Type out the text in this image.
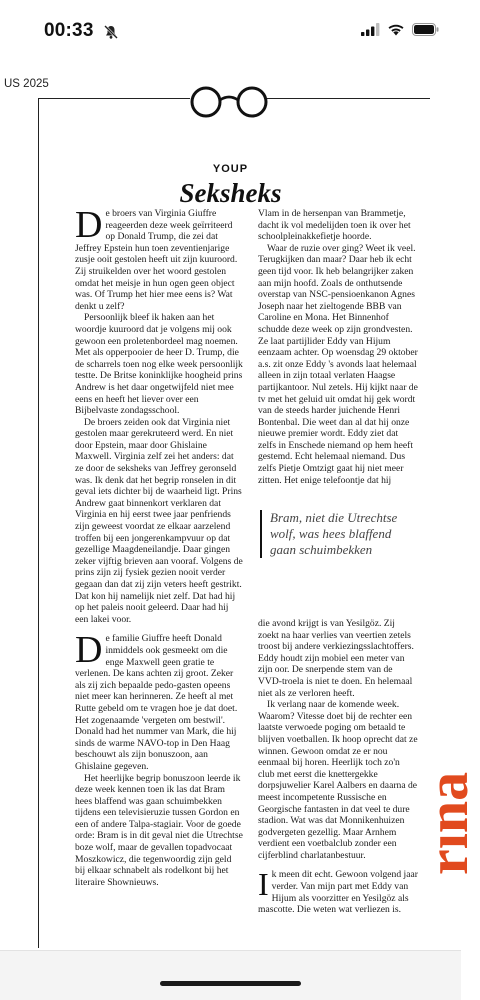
00:33
US 2025
YOUP
Seksheks

De broers van Virginia Giuffre reageerden deze week geïrriteerd op Donald Trump, die zei dat Jeffrey Epstein hun toen zeventienjarige zusje ooit gestolen heeft uit zijn kuuroord. Zij struikelden over het woord gestolen omdat het meisje in hun ogen geen object was. Of Trump het hier mee eens is? Wat denkt u zelf?

Persoonlijk bleef ik haken aan het woordje kuuroord dat je volgens mij ook gewoon een proletenbordeel mag noemen. Met als opperpooier de heer D. Trump, die de scharrels toen nog elke week persoonlijk testte. De Britse koninklijke hoogheid prins Andrew is het daar ongetwijfeld niet mee eens en heeft het liever over een Bijbelvaste zondagsschool.

De broers zeiden ook dat Virginia niet gestolen maar gerekruteerd werd. En niet door Epstein, maar door Ghislaine Maxwell. Virginia zelf zei het anders: dat ze door de seksheks van Jeffrey geronseld was. Ik denk dat het begrip ronselen in dit geval iets dichter bij de waarheid ligt. Prins Andrew gaat binnenkort verklaren dat Virginia en hij eerst twee jaar penfriends zijn geweest voordat ze elkaar aarzelend troffen bij een jongerenkampvuur op dat gezellige Maagdeneilandje. Daar gingen zeker vijftig brieven aan vooraf. Volgens de prins zijn zij fysiek gezien nooit verder gegaan dan dat zij zijn veters heeft gestrikt. Dat kon hij namelijk niet zelf. Dat had hij op het paleis nooit geleerd. Daar had hij een lakei voor.

De familie Giuffre heeft Donald inmiddels ook gesmeekt om die enge Maxwell geen gratie te verlenen. De kans achten zij groot. Zeker als zij zich bepaalde pedo-gasten opeens niet meer kan herinneren. Ze heeft al met Rutte gebeld om te vragen hoe je dat doet. Het zogenaamde 'vergeten om bestwil'. Donald had het nummer van Mark, die hij sinds de warme NAVO-top in Den Haag beschouwt als zijn bonuszoon, aan Ghislaine gegeven.

Het heerlijke begrip bonuszoon leerde ik deze week kennen toen ik las dat Bram hees blaffend was gaan schuimbekken tijdens een televisieruzie tussen Gordon en een of andere Talpa-stagiair. Voor de goede orde: Bram is in dit geval niet die Utrechtse boze wolf, maar de gevallen topadvocaat Moszkowicz, die tegenwoordig zijn geld bij elkaar schnabelt als rodelkont bij het literaire Shownieuws.

Vlam in de hersenpan van Brammetje, dacht ik vol medelijden toen ik over het schoolpleinakkefietje hoorde.

Waar de ruzie over ging? Weet ik veel. Terugkijken dan maar? Daar heb ik echt geen tijd voor. Ik heb belangrijker zaken aan mijn hoofd. Zoals de onthutsende overstap van NSC-pensioenkanon Agnes Joseph naar het zieltogende BBB van Caroline en Mona. Het Binnenhof schudde deze week op zijn grondvesten. Ze laat partijlider Eddy van Hijum eenzaam achter. Op woensdag 29 oktober a.s. zit onze Eddy 's avonds laat helemaal alleen in zijn totaal verlaten Haagse partijkantoor. Nul zetels. Hij kijkt naar de tv met het geluid uit omdat hij gek wordt van de steeds harder juichende Henri Bontenbal. Die weet dan al dat hij onze nieuwe premier wordt. Eddy ziet dat zelfs in Enschede niemand op hem heeft gestemd. Echt helemaal niemand. Dus zelfs Pietje Omtzigt gaat hij niet meer zitten. Het enige telefoontje dat hij

Bram, niet die Utrechtse wolf, was hees blaffend gaan schuimbekken

die avond krijgt is van Yesilgöz. Zij zoekt na haar verlies van veertien zetels troost bij andere verkiezingsslachtoffers. Eddy houdt zijn mobiel een meter van zijn oor. De snerpende stem van de VVD-troela is niet te doen. En helemaal niet als ze verloren heeft.

Ik verlang naar de komende week. Waarom? Vitesse doet bij de rechter een laatste verwoede poging om betaald te blijven voetballen. Ik hoop oprecht dat ze winnen. Gewoon omdat ze er nou eenmaal bij horen. Heerlijk toch zo'n club met eerst die knettergekke dorpsjuwelier Karel Aalbers en daarna de meest incompetente Russische en Georgische fantasten in dat veel te dure stadion. Wat was dat Monnikenhuizen godvergeten gezellig. Maar Arnhem verdient een voetbalclub zonder een cijferblind charlatanbestuur.

Ik meen dit echt. Gewoon volgend jaar verder. Van mijn part met Eddy van Hijum als voorzitter en Yesilgöz als mascotte. Die weten wat verliezen is.

rına
